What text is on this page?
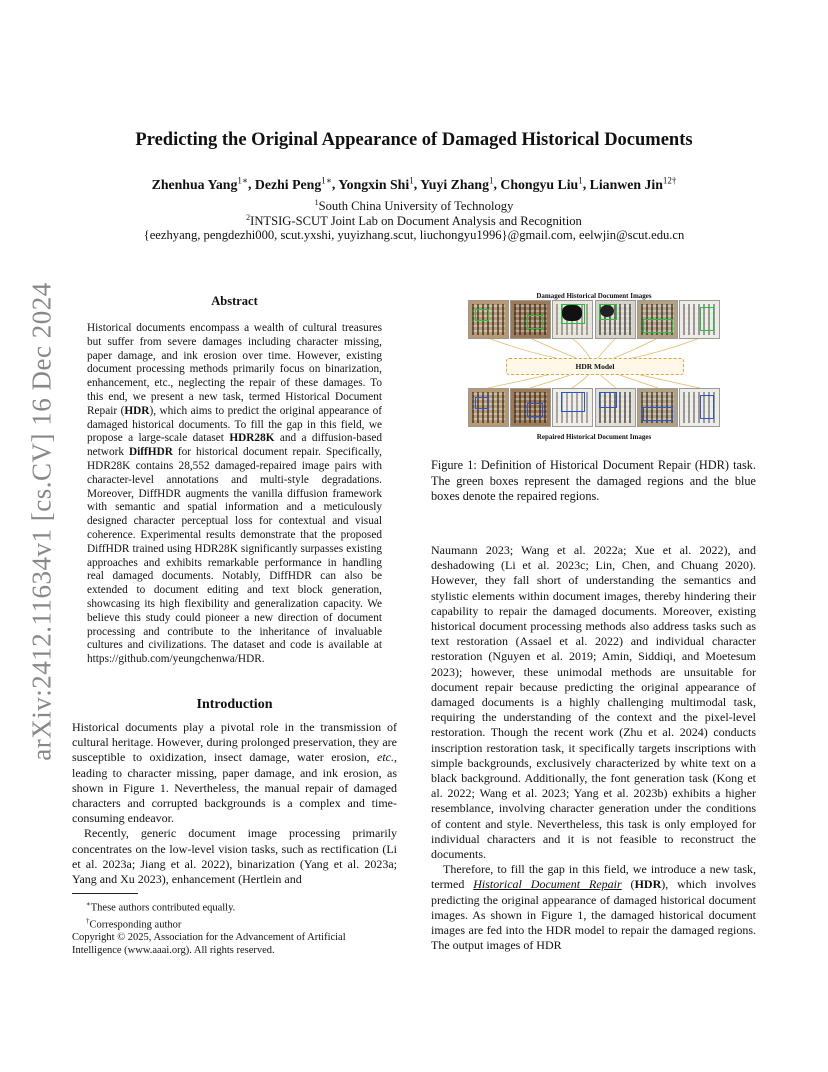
arXiv:2412.11634v1 [cs.CV] 16 Dec 2024
Predicting the Original Appearance of Damaged Historical Documents
Zhenhua Yang$^{1∗}$, Dezhi Peng$^{1∗}$, Yongxin Shi$^1$, Yuyi Zhang$^1$, Chongyu Liu$^1$, Lianwen Jin$^{12\dagger}$
$^1$South China University of Technology
$^2$INTSIG-SCUT Joint Lab on Document Analysis and Recognition
{eezhyang, pengdezhi000, scut.yxshi, yuyizhang.scut, liuchongyu1996}@gmail.com, eelwjin@scut.edu.cn
Abstract
Historical documents encompass a wealth of cultural treasures but suffer from severe damages including character missing, paper damage, and ink erosion over time. However, existing document processing methods primarily focus on binarization, enhancement, etc., neglecting the repair of these damages. To this end, we present a new task, termed Historical Document Repair (HDR), which aims to predict the original appearance of damaged historical documents. To fill the gap in this field, we propose a large-scale dataset HDR28K and a diffusion-based network DiffHDR for historical document repair. Specifically, HDR28K contains 28,552 damaged-repaired image pairs with character-level annotations and multi-style degradations. Moreover, DiffHDR augments the vanilla diffusion framework with semantic and spatial information and a meticulously designed character perceptual loss for contextual and visual coherence. Experimental results demonstrate that the proposed DiffHDR trained using HDR28K significantly surpasses existing approaches and exhibits remarkable performance in handling real damaged documents. Notably, DiffHDR can also be extended to document editing and text block generation, showcasing its high flexibility and generalization capacity. We believe this study could pioneer a new direction of document processing and contribute to the inheritance of invaluable cultures and civilizations. The dataset and code is available at https://github.com/yeungchenwa/HDR.
Introduction

Historical documents play a pivotal role in the transmission of cultural heritage. However, during prolonged preservation, they are susceptible to oxidization, insect damage, water erosion, etc., leading to character missing, paper damage, and ink erosion, as shown in Figure 1. Nevertheless, the manual repair of damaged characters and corrupted backgrounds is a complex and time-consuming endeavor.

Recently, generic document image processing primarily concentrates on the low-level vision tasks, such as rectification (Li et al. 2023a; Jiang et al. 2022), binarization (Yang et al. 2023a; Yang and Xu 2023), enhancement (Hertlein and

∗These authors contributed equally.
†Corresponding author
Copyright © 2025, Association for the Advancement of Artificial Intelligence (www.aaai.org). All rights reserved.
Damaged Historical Document Images
HDR Model
Repaired Historical Document Images
Figure 1: Definition of Historical Document Repair (HDR) task. The green boxes represent the damaged regions and the blue boxes denote the repaired regions.

Naumann 2023; Wang et al. 2022a; Xue et al. 2022), and deshadowing (Li et al. 2023c; Lin, Chen, and Chuang 2020). However, they fall short of understanding the semantics and stylistic elements within document images, thereby hindering their capability to repair the damaged documents. Moreover, existing historical document processing methods also address tasks such as text restoration (Assael et al. 2022) and individual character restoration (Nguyen et al. 2019; Amin, Siddiqi, and Moetesum 2023); however, these unimodal methods are unsuitable for document repair because predicting the original appearance of damaged documents is a highly challenging multimodal task, requiring the understanding of the context and the pixel-level restoration. Though the recent work (Zhu et al. 2024) conducts inscription restoration task, it specifically targets inscriptions with simple backgrounds, exclusively characterized by white text on a black background. Additionally, the font generation task (Kong et al. 2022; Wang et al. 2023; Yang et al. 2023b) exhibits a higher resemblance, involving character generation under the conditions of content and style. Nevertheless, this task is only employed for individual characters and it is not feasible to reconstruct the documents.

Therefore, to fill the gap in this field, we introduce a new task, termed Historical Document Repair (HDR), which involves predicting the original appearance of damaged historical document images. As shown in Figure 1, the damaged historical document images are fed into the HDR model to repair the damaged regions. The output images of HDR
